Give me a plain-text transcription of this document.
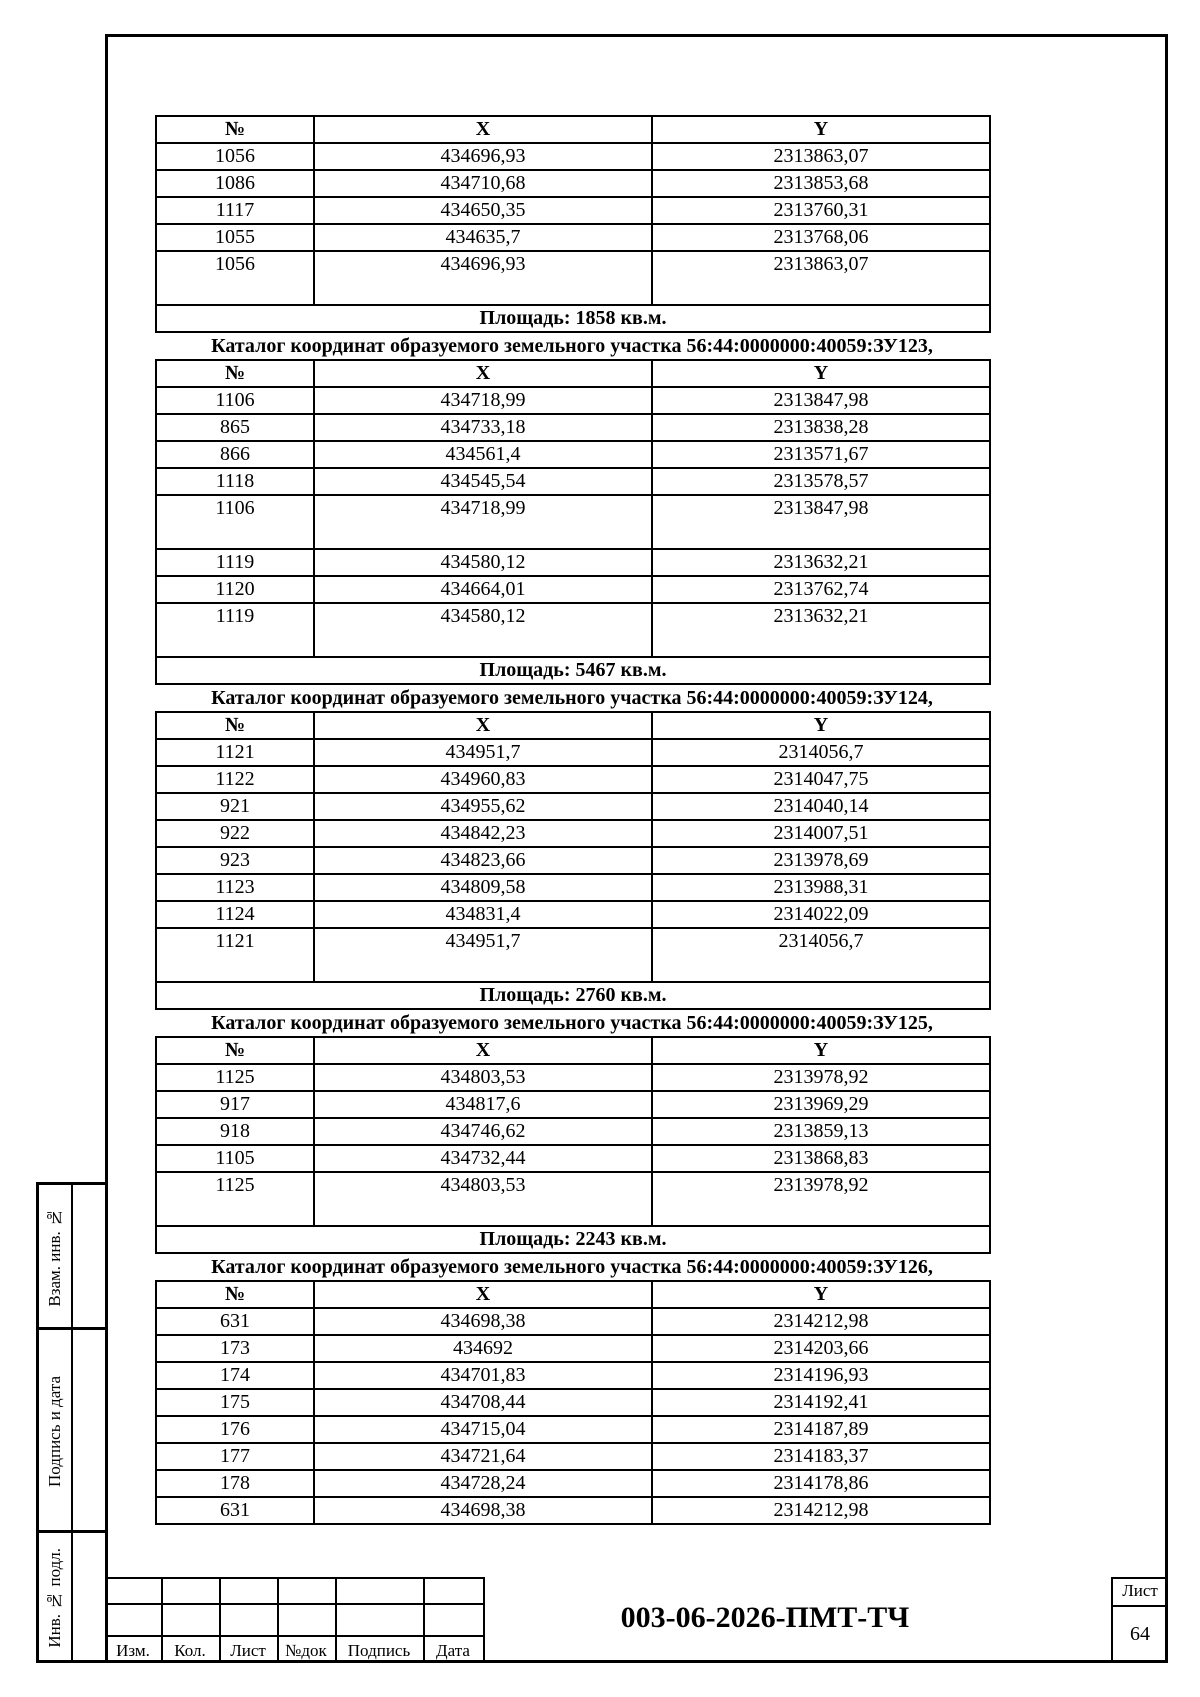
Взам. инв. №
Подпись и дата
Инв. № подл.
№	X	Y
1056	434696,93	2313863,07
1086	434710,68	2313853,68
1117	434650,35	2313760,31
1055	434635,7	2313768,06
1056	434696,93	2313863,07
Площадь: 1858 кв.м.		
Каталог координат образуемого земельного участка 56:44:0000000:40059:ЗУ123,
№	X	Y
1106	434718,99	2313847,98
865	434733,18	2313838,28
866	434561,4	2313571,67
1118	434545,54	2313578,57
1106	434718,99	2313847,98
1119	434580,12	2313632,21
1120	434664,01	2313762,74
1119	434580,12	2313632,21
Площадь: 5467 кв.м.		
Каталог координат образуемого земельного участка 56:44:0000000:40059:ЗУ124,
№	X	Y
1121	434951,7	2314056,7
1122	434960,83	2314047,75
921	434955,62	2314040,14
922	434842,23	2314007,51
923	434823,66	2313978,69
1123	434809,58	2313988,31
1124	434831,4	2314022,09
1121	434951,7	2314056,7
Площадь: 2760 кв.м.		
Каталог координат образуемого земельного участка 56:44:0000000:40059:ЗУ125,
№	X	Y
1125	434803,53	2313978,92
917	434817,6	2313969,29
918	434746,62	2313859,13
1105	434732,44	2313868,83
1125	434803,53	2313978,92
Площадь: 2243 кв.м.		
Каталог координат образуемого земельного участка 56:44:0000000:40059:ЗУ126,
№	X	Y
631	434698,38	2314212,98
173	434692	2314203,66
174	434701,83	2314196,93
175	434708,44	2314192,41
176	434715,04	2314187,89
177	434721,64	2314183,37
178	434728,24	2314178,86
631	434698,38	2314212,98
Изм.	Кол.	Лист	№док	Подпись	Дата
003-06-2026-ПМТ-ТЧ
Лист
64
